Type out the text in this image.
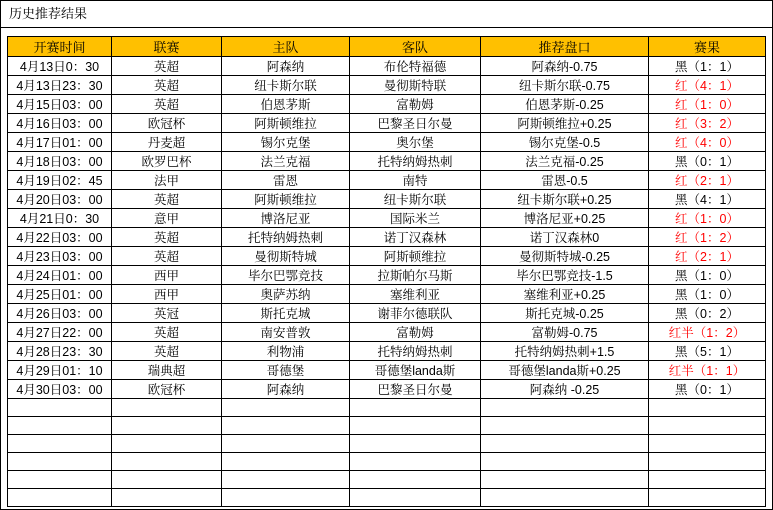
历史推荐结果
开赛时间	联赛	主队	客队	推荐盘口	赛果
4月13日0：30	英超	阿森纳	布伦特福德	阿森纳-0.75	黑（1：1）
4月13日23：30	英超	纽卡斯尔联	曼彻斯特联	纽卡斯尔联-0.75	红（4：1）
4月15日03：00	英超	伯恩茅斯	富勒姆	伯恩茅斯-0.25	红（1：0）
4月16日03：00	欧冠杯	阿斯顿维拉	巴黎圣日尔曼	阿斯顿维拉+0.25	红（3：2）
4月17日01：00	丹麦超	锡尔克堡	奥尔堡	锡尔克堡-0.5	红（4：0）
4月18日03：00	欧罗巴杯	法兰克福	托特纳姆热刺	法兰克福-0.25	黑（0：1）
4月19日02：45	法甲	雷恩	南特	雷恩-0.5	红（2：1）
4月20日03：00	英超	阿斯顿维拉	纽卡斯尔联	纽卡斯尔联+0.25	黑（4：1）
4月21日0：30	意甲	博洛尼亚	国际米兰	博洛尼亚+0.25	红（1：0）
4月22日03：00	英超	托特纳姆热刺	诺丁汉森林	诺丁汉森林0	红（1：2）
4月23日03：00	英超	曼彻斯特城	阿斯顿维拉	曼彻斯特城-0.25	红（2：1）
4月24日01：00	西甲	毕尔巴鄂竞技	拉斯帕尔马斯	毕尔巴鄂竞技-1.5	黑（1：0）
4月25日01：00	西甲	奥萨苏纳	塞维利亚	塞维利亚+0.25	黑（1：0）
4月26日03：00	英冠	斯托克城	谢菲尔德联队	斯托克城-0.25	黑（0：2）
4月27日22：00	英超	南安普敦	富勒姆	富勒姆-0.75	红半（1：2）
4月28日23：30	英超	利物浦	托特纳姆热刺	托特纳姆热刺+1.5	黑（5：1）
4月29日01：10	瑞典超	哥德堡	哥德堡landa斯	哥德堡landa斯+0.25	红半（1：1）
4月30日03：00	欧冠杯	阿森纳	巴黎圣日尔曼	阿森纳 -0.25	黑（0：1）
